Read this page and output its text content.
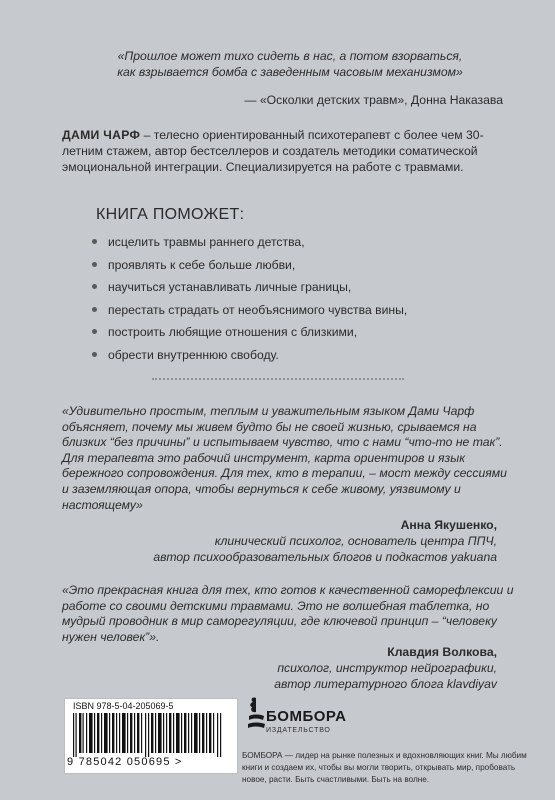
«Прошлое может тихо сидеть в нас, а потом взорваться,
как взрывается бомба с заведенным часовым механизмом»
— «Осколки детских травм», Донна Наказава
ДАМИ ЧАРФ – телесно ориентированный психотерапевт с более чем 30-летним стажем, автор бестселлеров и создатель методики соматической эмоциональной интеграции. Специализируется на работе с травмами.
КНИГА ПОМОЖЕТ:
исцелить травмы раннего детства,
проявлять к себе больше любви,
научиться устанавливать личные границы,
перестать страдать от необъяснимого чувства вины,
построить любящие отношения с близкими,
обрести внутреннюю свободу.
«Удивительно простым, теплым и уважительным языком Дами Чарф объясняет, почему мы живем будто бы не своей жизнью, срываемся на близких “без причины” и испытываем чувство, что с нами “что-то не так”. Для терапевта это рабочий инструмент, карта ориентиров и язык бережного сопровождения. Для тех, кто в терапии, – мост между сессиями и заземляющая опора, чтобы вернуться к себе живому, уязвимому и настоящему»
Анна Якушенко,
клинический психолог, основатель центра ППЧ,
автор психообразовательных блогов и подкастов yakuana
«Это прекрасная книга для тех, кто готов к качественной саморефлексии и работе со своими детскими травмами. Это не волшебная таблетка, но мудрый проводник в мир саморегуляции, где ключевой принцип – “человеку нужен человек”».
Клавдия Волкова,
психолог, инструктор нейрографики,
автор литературного блога klavdiyav
ISBN 978-5-04-205069-5
9 785042 050695 >
БОМБОРА
ИЗДАТЕЛЬСТВО
БОМБОРА — лидер на рынке полезных и вдохновляющих книг. Мы любим книги и создаем их, чтобы вы могли творить, открывать мир, пробовать новое, расти. Быть счастливыми. Быть на волне.
